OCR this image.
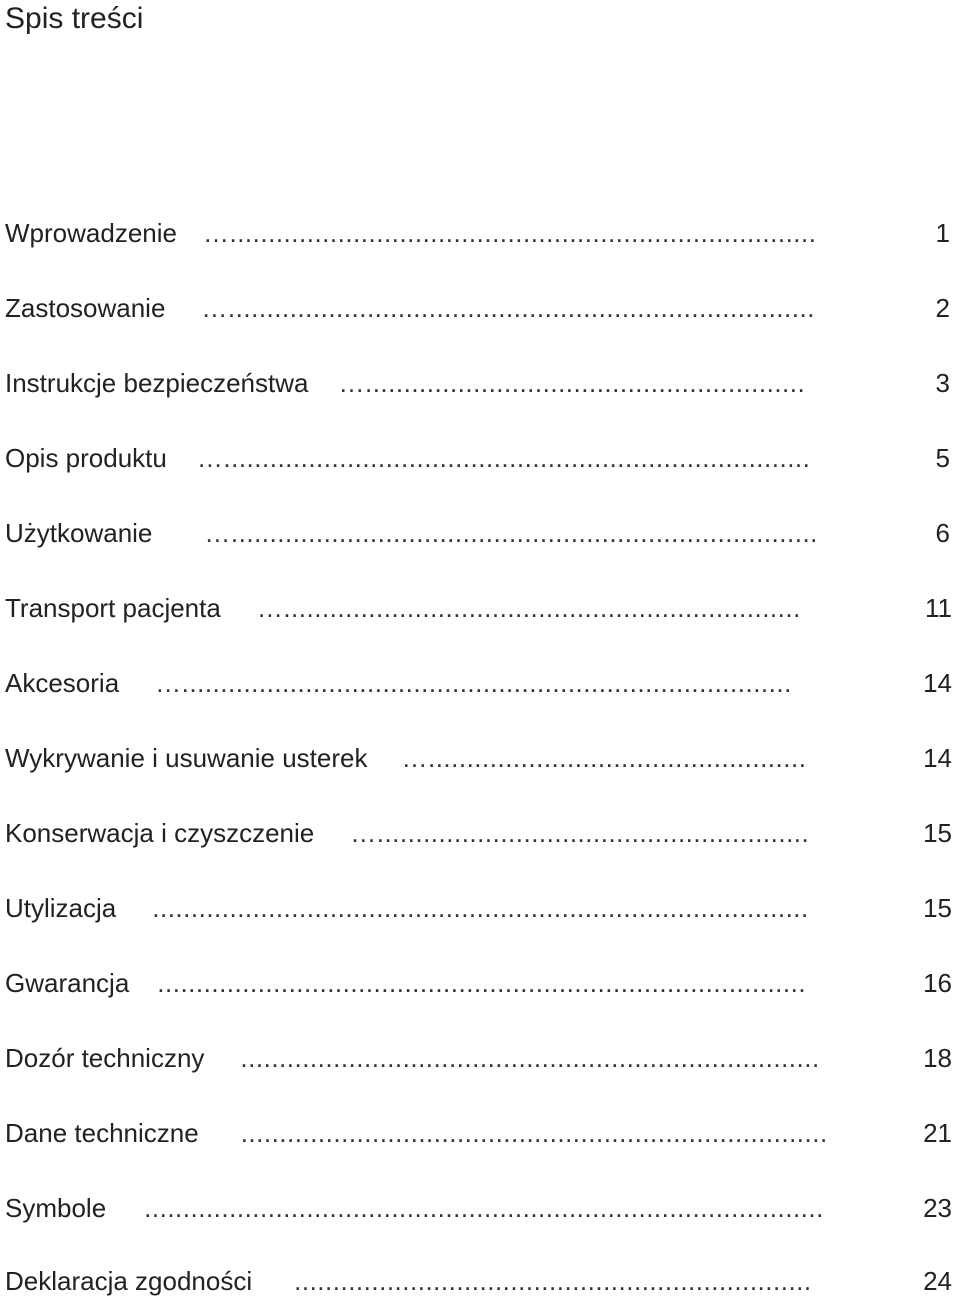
Spis treści
Wprowadzenie …............................................................................	1
Zastosowanie …............................................................................	2
Instrukcje bezpieczeństwa ….........................................................	3
Opis produktu …............................................................................	5
Użytkowanie …............................................................................	6
Transport pacjenta …...................................................................	11
Akcesoria …...............................................................................	14
Wykrywanie i usuwanie usterek ….................................................	14
Konserwacja i czyszczenie …........................................................	15
Utylizacja .....................................................................................	15
Gwarancja ....................................................................................	16
Dozór techniczny ...........................................................................	18
Dane techniczne ............................................................................	21
Symbole ........................................................................................	23
Deklaracja zgodności ...................................................................	24
